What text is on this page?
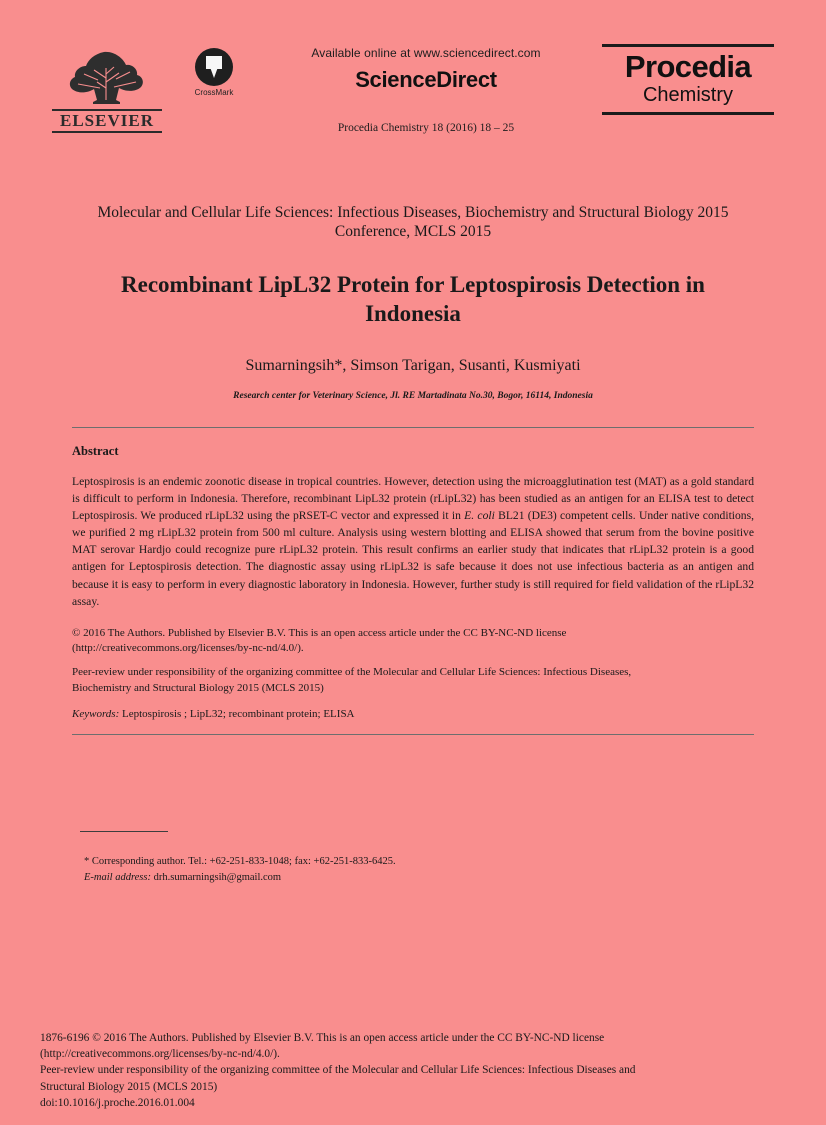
ELSEVIER
CrossMark
Available online at www.sciencedirect.com
ScienceDirect
Procedia Chemistry 18 (2016) 18 – 25
Procedia
Chemistry
Molecular and Cellular Life Sciences: Infectious Diseases, Biochemistry and Structural Biology 2015 Conference, MCLS 2015
Recombinant LipL32 Protein for Leptospirosis Detection in Indonesia
Sumarningsih*, Simson Tarigan, Susanti, Kusmiyati
Research center for Veterinary Science, Jl. RE Martadinata No.30, Bogor, 16114, Indonesia
Abstract
Leptospirosis is an endemic zoonotic disease in tropical countries. However, detection using the microagglutination test (MAT) as a gold standard is difficult to perform in Indonesia. Therefore, recombinant LipL32 protein (rLipL32) has been studied as an antigen for an ELISA test to detect Leptospirosis. We produced rLipL32 using the pRSET-C vector and expressed it in E. coli BL21 (DE3) competent cells. Under native conditions, we purified 2 mg rLipL32 protein from 500 ml culture. Analysis using western blotting and ELISA showed that serum from the bovine positive MAT serovar Hardjo could recognize pure rLipL32 protein. This result confirms an earlier study that indicates that rLipL32 protein is a good antigen for Leptospirosis detection. The diagnostic assay using rLipL32 is safe because it does not use infectious bacteria as an antigen and because it is easy to perform in every diagnostic laboratory in Indonesia. However, further study is still required for field validation of the rLipL32 assay.
© 2016 The Authors. Published by Elsevier B.V. This is an open access article under the CC BY-NC-ND license
(http://creativecommons.org/licenses/by-nc-nd/4.0/).
Peer-review under responsibility of the organizing committee of the Molecular and Cellular Life Sciences: Infectious Diseases,
Biochemistry and Structural Biology 2015 (MCLS 2015)
Keywords: Leptospirosis ; LipL32; recombinant protein; ELISA
* Corresponding author. Tel.: +62-251-833-1048; fax: +62-251-833-6425.
E-mail address: drh.sumarningsih@gmail.com

1876-6196 © 2016 The Authors. Published by Elsevier B.V. This is an open access article under the CC BY-NC-ND license

(http://creativecommons.org/licenses/by-nc-nd/4.0/).

Peer-review under responsibility of the organizing committee of the Molecular and Cellular Life Sciences: Infectious Diseases and

Structural Biology 2015 (MCLS 2015)

doi:10.1016/j.proche.2016.01.004
